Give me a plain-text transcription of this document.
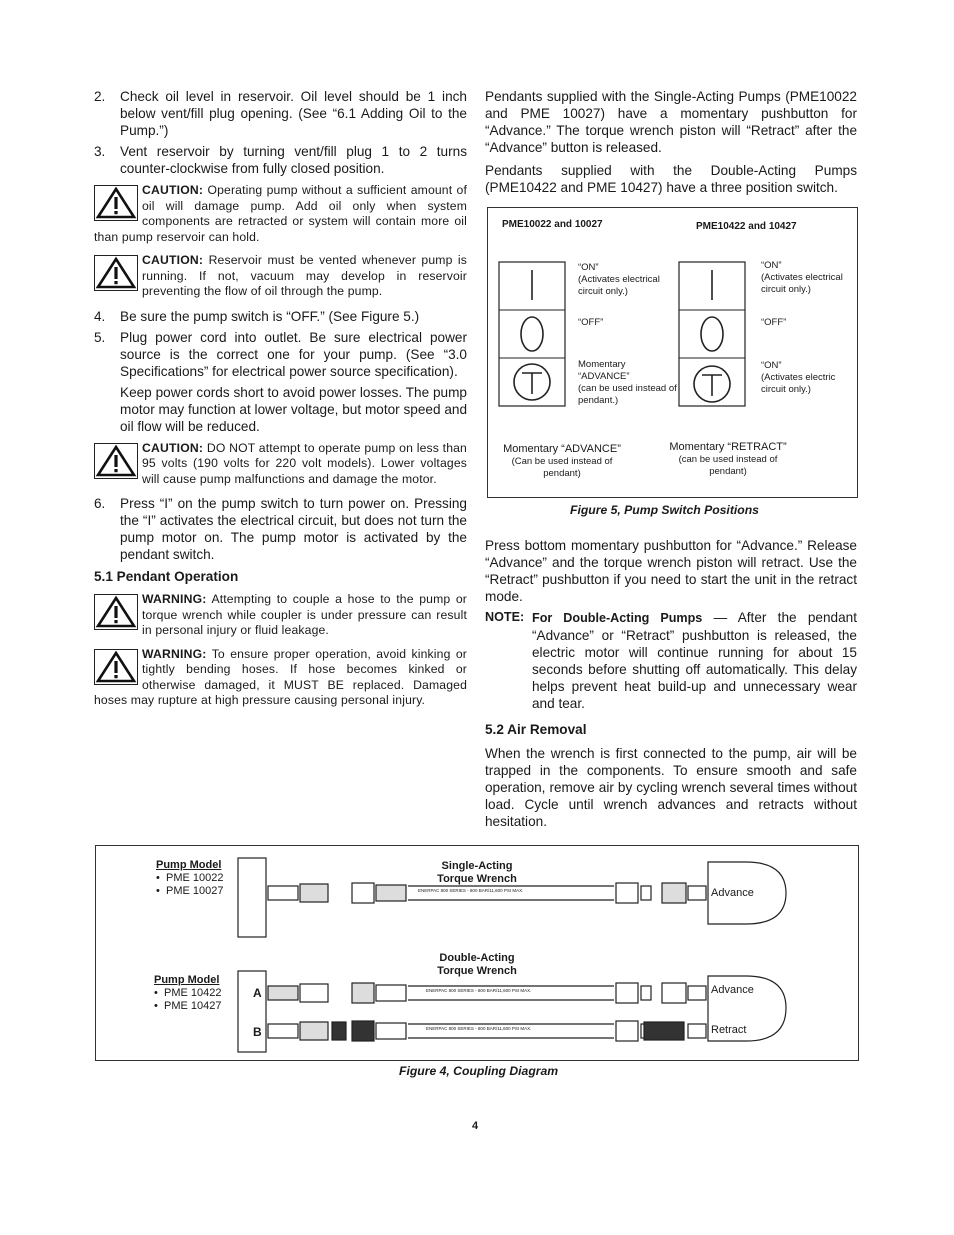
2. Check oil level in reservoir. Oil level should be 1 inch below vent/fill plug opening. (See “6.1 Adding Oil to the Pump.”)

3. Vent reservoir by turning vent/fill plug 1 to 2 turns counter-clockwise from fully closed position.

CAUTION: Operating pump without a sufficient amount of oil will damage pump. Add oil only when system components are retracted or system will contain more oil than pump reservoir can hold.
CAUTION: Reservoir must be vented whenever pump is running. If not, vacuum may develop in reservoir preventing the flow of oil through the pump.
4. Be sure the pump switch is “OFF.” (See Figure 5.)

5. Plug power cord into outlet. Be sure electrical power source is the correct one for your pump. (See “3.0 Specifications” for electrical power source specification).

Keep power cords short to avoid power losses. The pump motor may function at lower voltage, but motor speed and oil flow will be reduced.

CAUTION: DO NOT attempt to operate pump on less than 95 volts (190 volts for 220 volt models). Lower voltages will cause pump malfunctions and damage the motor.
6. Press “I” on the pump switch to turn power on. Pressing the “I” activates the electrical circuit, but does not turn the pump motor on. The pump motor is activated by the pendant switch.

5.1 Pendant Operation
WARNING: Attempting to couple a hose to the pump or torque wrench while coupler is under pressure can result in personal injury or fluid leakage.
WARNING: To ensure proper operation, avoid kinking or tightly bending hoses. If hose becomes kinked or otherwise damaged, it MUST BE replaced. Damaged hoses may rupture at high pressure causing personal injury.

Pendants supplied with the Single-Acting Pumps (PME10022 and PME 10027) have a momentary pushbutton for “Advance.” The torque wrench piston will “Retract” after the “Advance” button is released.

Pendants supplied with the Double-Acting Pumps (PME10422 and PME 10427) have a three position switch.

PME10022 and 10027	PME10422 and 10427
“ON”
(Activates electrical circuit only.)
“OFF”
Momentary “ADVANCE”
(can be used instead of pendant.)
“ON”
(Activates electrical circuit only.)
“OFF”
“ON”
(Activates electric circuit only.)
Momentary “ADVANCE”
(Can be used instead of pendant)
Momentary “RETRACT”
(can be used instead of pendant)
Figure 5, Pump Switch Positions

Press bottom momentary pushbutton for “Advance.” Release “Advance” and the torque wrench piston will retract. Use the “Retract” pushbutton if you need to start the unit in the retract mode.

NOTE: For Double-Acting Pumps — After the pendant “Advance” or “Retract” pushbutton is released, the electric motor will continue running for about 15 seconds before shutting off automatically. This delay helps prevent heat build-up and unnecessary wear and tear.
5.2 Air Removal

When the wrench is first connected to the pump, air will be trapped in the components. To ensure smooth and safe operation, remove air by cycling wrench several times without load. Cycle until wrench advances and retracts without hesitation.

Pump Model
• PME 10022
• PME 10027
Single-Acting
Torque Wrench
Advance
Pump Model
• PME 10422
• PME 10427
Double-Acting
Torque Wrench
A
B
Advance
Retract
ENERPAC 800 SERIES - 800 BAR/11,600 PSI MAX.
ENERPAC 800 SERIES - 800 BAR/11,600 PSI MAX.
ENERPAC 800 SERIES - 800 BAR/11,600 PSI MAX.
Figure 4, Coupling Diagram
4
